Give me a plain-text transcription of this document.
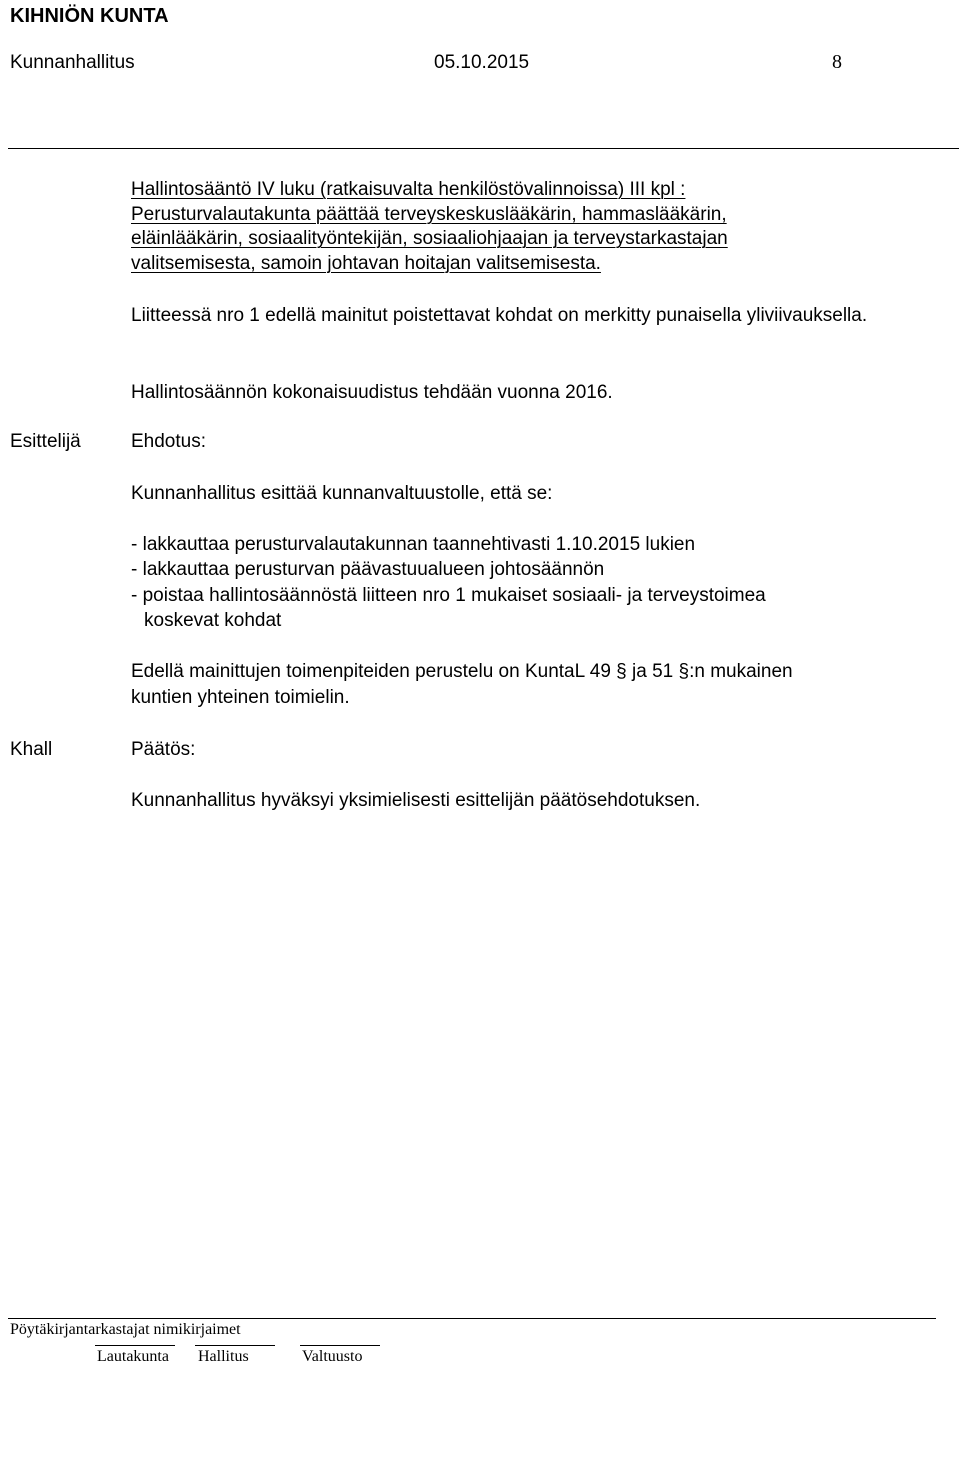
KIHNIÖN KUNTA
Kunnanhallitus	05.10.2015	8
Hallintosääntö IV luku (ratkaisuvalta henkilöstövalinnoissa) III kpl :
Perusturvalautakunta päättää terveyskeskuslääkärin, hammaslääkärin,
eläinlääkärin, sosiaalityöntekijän, sosiaaliohjaajan ja terveystarkastajan
valitsemisesta, samoin johtavan hoitajan valitsemisesta.

Liitteessä nro 1 edellä mainitut poistettavat kohdat on merkitty punaisella yliviivauksella.

Hallintosäännön kokonaisuudistus tehdään vuonna 2016.
Esittelijä	Ehdotus:
Kunnanhallitus esittää kunnanvaltuustolle, että se:
- lakkauttaa perusturvalautakunnan taannehtivasti 1.10.2015 lukien
- lakkauttaa perusturvan päävastuualueen johtosäännön
- poistaa hallintosäännöstä liitteen nro 1 mukaiset sosiaali- ja terveystoimea
koskevat kohdat
Edellä mainittujen toimenpiteiden perustelu on KuntaL 49 § ja 51 §:n mukainen
kuntien yhteinen toimielin.
Khall	Päätös:
Kunnanhallitus hyväksyi yksimielisesti esittelijän päätösehdotuksen.
Pöytäkirjantarkastajat nimikirjaimet
Lautakunta Hallitus	Valtuusto
